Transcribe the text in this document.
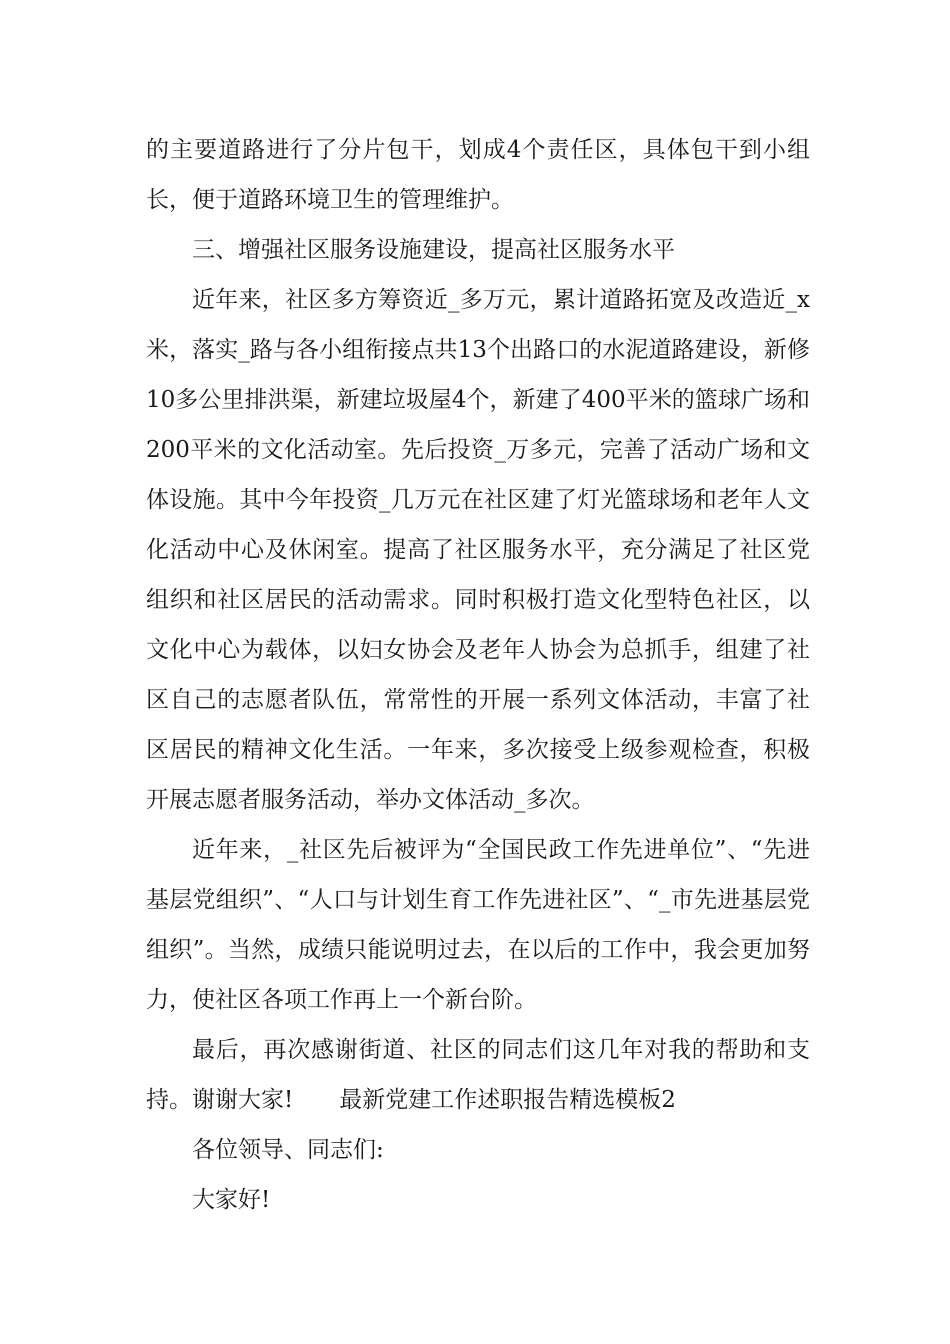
的主要道路进行了分片包干，划成4个责任区，具体包干到小组长，便于道路环境卫生的管理维护。

三、增强社区服务设施建设，提高社区服务水平

近年来，社区多方筹资近_多万元，累计道路拓宽及改造近_x米，落实_路与各小组衔接点共13个出路口的水泥道路建设，新修10多公里排洪渠，新建垃圾屋4个，新建了400平米的篮球广场和200平米的文化活动室。先后投资_万多元，完善了活动广场和文体设施。其中今年投资_几万元在社区建了灯光篮球场和老年人文化活动中心及休闲室。提高了社区服务水平，充分满足了社区党组织和社区居民的活动需求。同时积极打造文化型特色社区，以文化中心为载体，以妇女协会及老年人协会为总抓手，组建了社区自己的志愿者队伍，常常性的开展一系列文体活动，丰富了社区居民的精神文化生活。一年来，多次接受上级参观检查，积极开展志愿者服务活动，举办文体活动_多次。

近年来，_社区先后被评为“全国民政工作先进单位”、“先进基层党组织”、“人口与计划生育工作先进社区”、“_市先进基层党组织”。当然，成绩只能说明过去，在以后的工作中，我会更加努力，使社区各项工作再上一个新台阶。

最后，再次感谢街道、社区的同志们这几年对我的帮助和支持。谢谢大家! 最新党建工作述职报告精选模板2

各位领导、同志们:

大家好!
